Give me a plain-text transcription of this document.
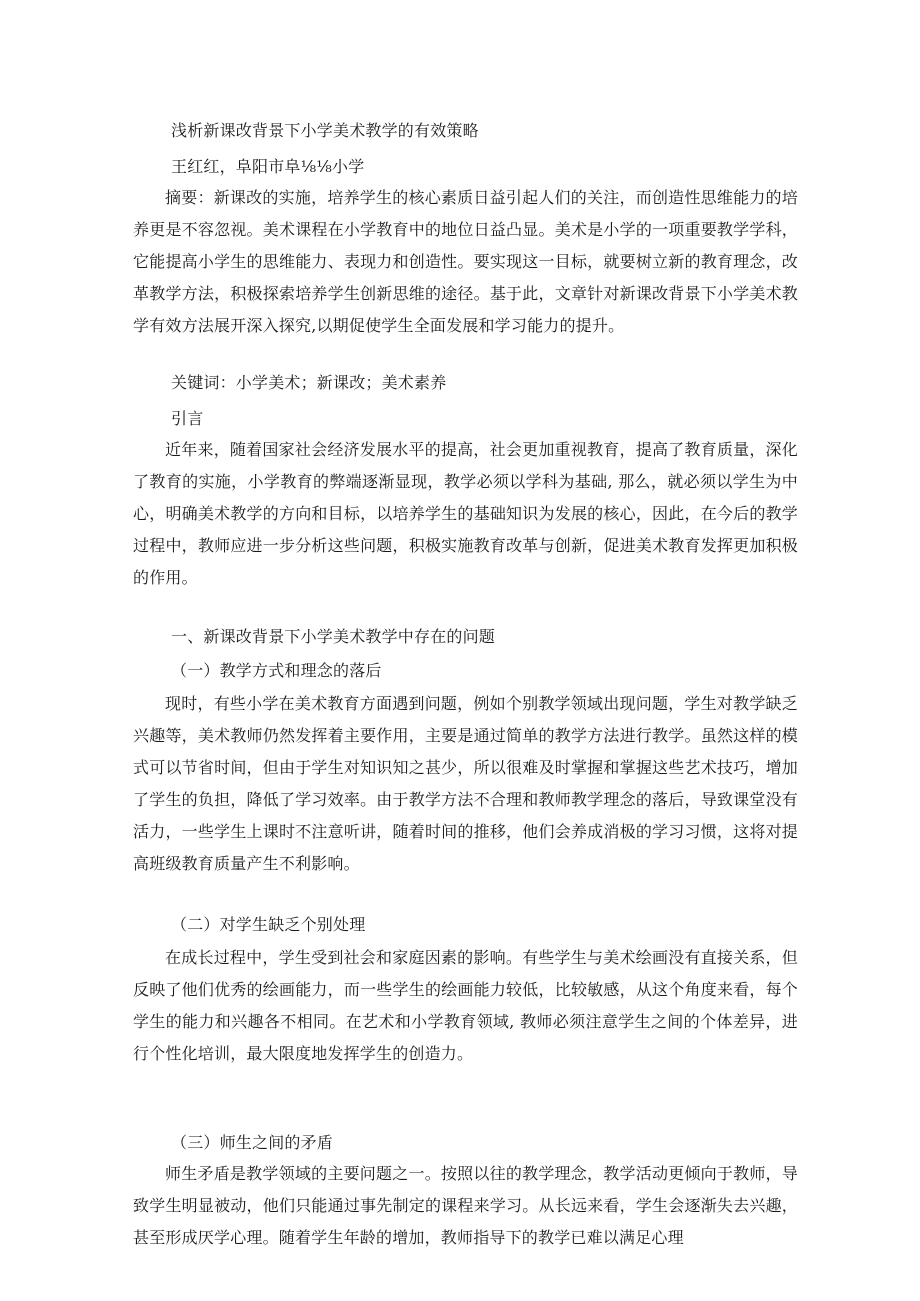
浅析新课改背景下小学美术教学的有效策略

王红红，阜阳市阜⅛⅛小学

摘要：新课改的实施，培养学生的核心素质日益引起人们的关注，而创造性思维能力的培养更是不容忽视。美术课程在小学教育中的地位日益凸显。美术是小学的一项重要教学学科，它能提高小学生的思维能力、表现力和创造性。要实现这一目标，就要树立新的教育理念，改革教学方法，积极探索培养学生创新思维的途径。基于此，文章针对新课改背景下小学美术教学有效方法展开深入探究,以期促使学生全面发展和学习能力的提升。

关键词：小学美术；新课改；美术素养

引言

近年来，随着国家社会经济发展水平的提高，社会更加重视教育，提高了教育质量，深化了教育的实施，小学教育的弊端逐渐显现，教学必须以学科为基础, 那么，就必须以学生为中心，明确美术教学的方向和目标，以培养学生的基础知识为发展的核心，因此，在今后的教学过程中，教师应进一步分析这些问题，积极实施教育改革与创新，促进美术教育发挥更加积极的作用。

一、新课改背景下小学美术教学中存在的问题

（一）教学方式和理念的落后

现时，有些小学在美术教育方面遇到问题，例如个别教学领域出现问题，学生对教学缺乏兴趣等，美术教师仍然发挥着主要作用，主要是通过简单的教学方法进行教学。虽然这样的模式可以节省时间，但由于学生对知识知之甚少，所以很难及时掌握和掌握这些艺术技巧，增加了学生的负担，降低了学习效率。由于教学方法不合理和教师教学理念的落后，导致课堂没有活力，一些学生上课时不注意听讲，随着时间的推移，他们会养成消极的学习习惯，这将对提高班级教育质量产生不利影响。

（二）对学生缺乏个别处理

在成长过程中，学生受到社会和家庭因素的影响。有些学生与美术绘画没有直接关系，但反映了他们优秀的绘画能力，而一些学生的绘画能力较低，比较敏感，从这个角度来看，每个学生的能力和兴趣各不相同。在艺术和小学教育领域, 教师必须注意学生之间的个体差异，进行个性化培训，最大限度地发挥学生的创造力。

（三）师生之间的矛盾

师生矛盾是教学领域的主要问题之一。按照以往的教学理念，教学活动更倾向于教师，导致学生明显被动，他们只能通过事先制定的课程来学习。从长远来看，学生会逐渐失去兴趣，甚至形成厌学心理。随着学生年龄的增加，教师指导下的教学已难以满足心理
